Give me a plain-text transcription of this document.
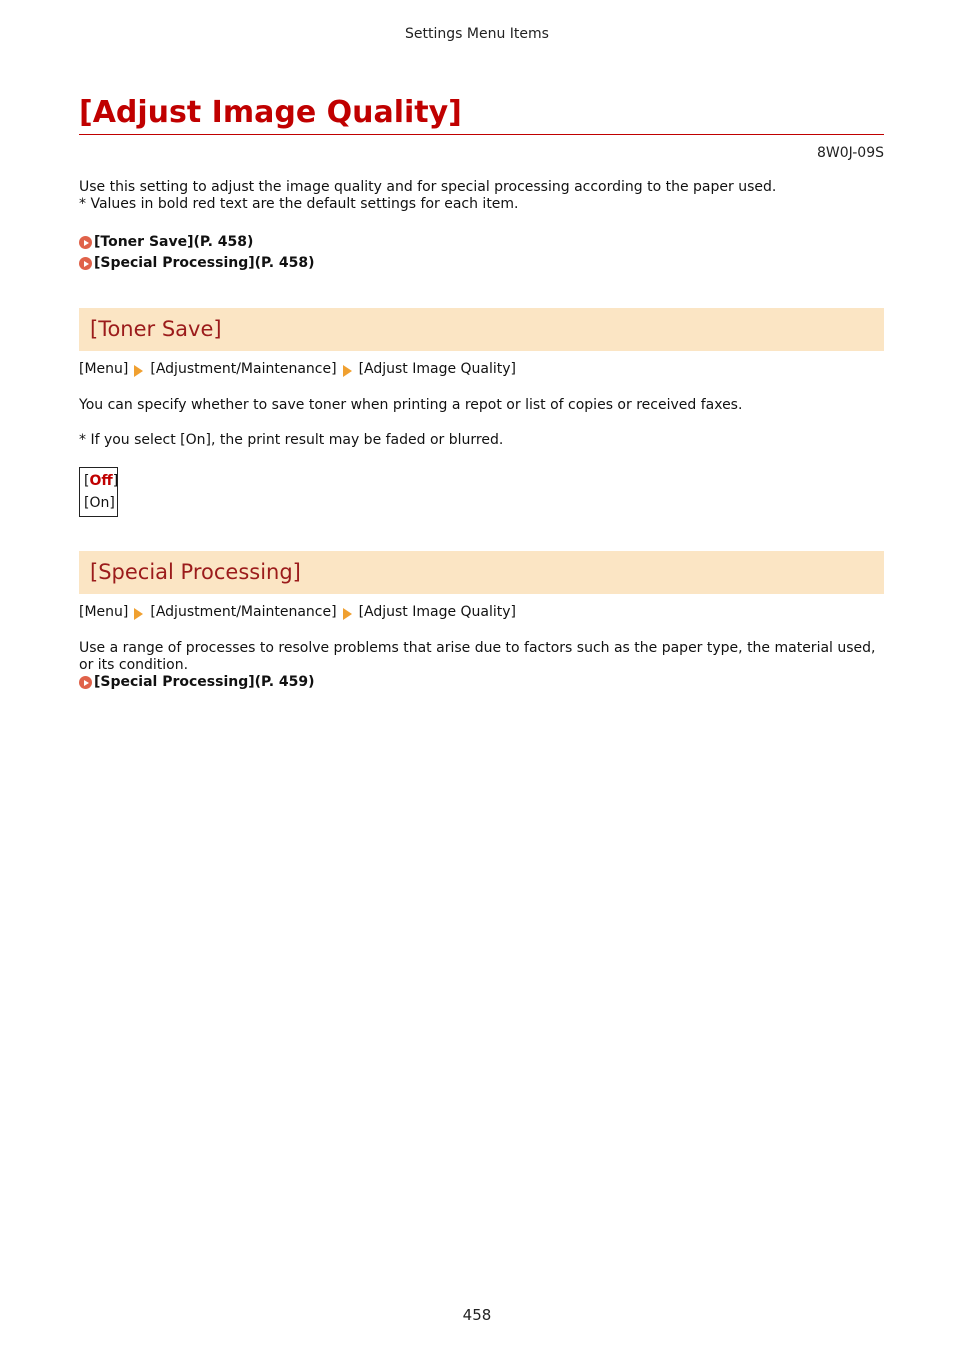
Settings Menu Items
[Adjust Image Quality]
8W0J-09S
Use this setting to adjust the image quality and for special processing according to the paper used.
* Values in bold red text are the default settings for each item.
[Toner Save](P. 458)
[Special Processing](P. 458)
[Toner Save]
[Menu] [Adjustment/Maintenance] [Adjust Image Quality]
You can specify whether to save toner when printing a repot or list of copies or received faxes.
* If you select [On], the print result may be faded or blurred.
[Off]
[On]
[Special Processing]
[Menu] [Adjustment/Maintenance] [Adjust Image Quality]
Use a range of processes to resolve problems that arise due to factors such as the paper type, the material used, or its condition.
[Special Processing](P. 459)
458
